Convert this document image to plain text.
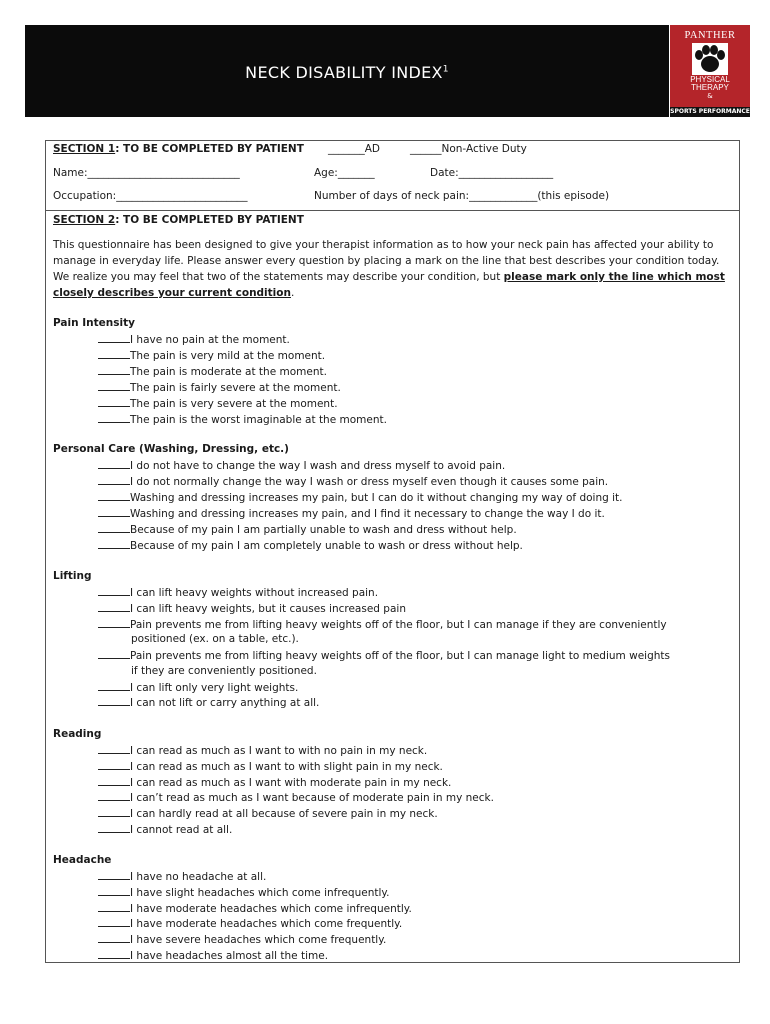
NECK DISABILITY INDEX$^1$
PANTHER
PHYSICAL
THERAPY
&
SPORTS PERFORMANCE
SECTION 1: TO BE COMPLETED BY PATIENT _______AD	______Non-Active Duty
Name:_____________________________	Age:_______	Date:__________________
Occupation:_________________________	Number of days of neck pain:_____________(this episode)
SECTION 2: TO BE COMPLETED BY PATIENT
This questionnaire has been designed to give your therapist information as to how your neck pain has affected your ability to manage in everyday life. Please answer every question by placing a mark on the line that best describes your condition today. We realize you may feel that two of the statements may describe your condition, but please mark only the line which most closely describes your current condition.
Pain Intensity
I have no pain at the moment.
The pain is very mild at the moment.
The pain is moderate at the moment.
The pain is fairly severe at the moment.
The pain is very severe at the moment.
The pain is the worst imaginable at the moment.
Personal Care (Washing, Dressing, etc.)
I do not have to change the way I wash and dress myself to avoid pain.
I do not normally change the way I wash or dress myself even though it causes some pain.
Washing and dressing increases my pain, but I can do it without changing my way of doing it.
Washing and dressing increases my pain, and I find it necessary to change the way I do it.
Because of my pain I am partially unable to wash and dress without help.
Because of my pain I am completely unable to wash or dress without help.
Lifting
I can lift heavy weights without increased pain.
I can lift heavy weights, but it causes increased pain
Pain prevents me from lifting heavy weights off of the floor, but I can manage if they are conveniently
positioned (ex. on a table, etc.).
Pain prevents me from lifting heavy weights off of the floor, but I can manage light to medium weights
if they are conveniently positioned.
I can lift only very light weights.
I can not lift or carry anything at all.
Reading
I can read as much as I want to with no pain in my neck.
I can read as much as I want to with slight pain in my neck.
I can read as much as I want with moderate pain in my neck.
I can’t read as much as I want because of moderate pain in my neck.
I can hardly read at all because of severe pain in my neck.
I cannot read at all.
Headache
I have no headache at all.
I have slight headaches which come infrequently.
I have moderate headaches which come infrequently.
I have moderate headaches which come frequently.
I have severe headaches which come frequently.
I have headaches almost all the time.
